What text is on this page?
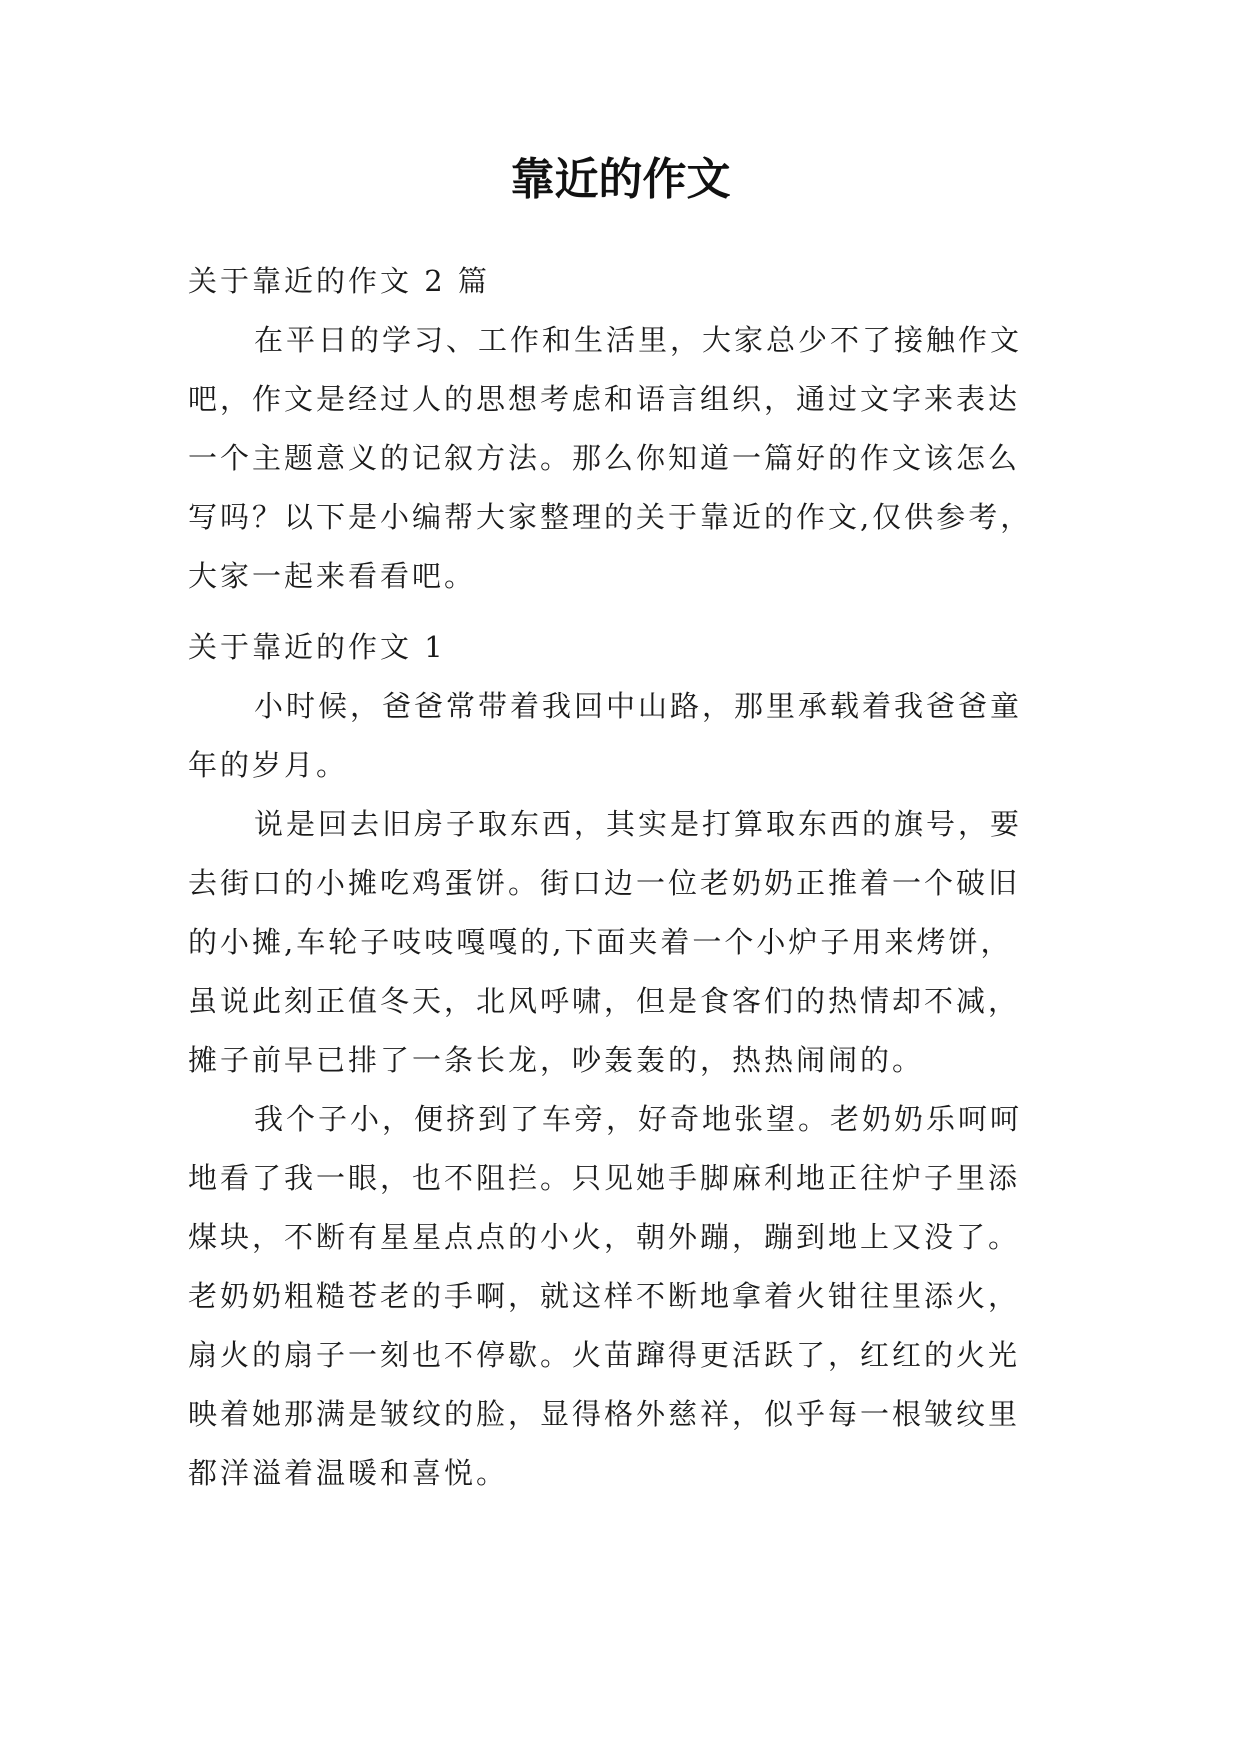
靠近的作文
关于靠近的作文 2 篇
在平日的学习、工作和生活里，大家总少不了接触作文
吧，作文是经过人的思想考虑和语言组织，通过文字来表达
一个主题意义的记叙方法。那么你知道一篇好的作文该怎么
写吗？以下是小编帮大家整理的关于靠近的作文,仅供参考，
大家一起来看看吧。
关于靠近的作文 1
小时候，爸爸常带着我回中山路，那里承载着我爸爸童
年的岁月。
说是回去旧房子取东西，其实是打算取东西的旗号，要
去街口的小摊吃鸡蛋饼。街口边一位老奶奶正推着一个破旧
的小摊,车轮子吱吱嘎嘎的,下面夹着一个小炉子用来烤饼，
虽说此刻正值冬天，北风呼啸，但是食客们的热情却不减，
摊子前早已排了一条长龙，吵轰轰的，热热闹闹的。
我个子小，便挤到了车旁，好奇地张望。老奶奶乐呵呵
地看了我一眼，也不阻拦。只见她手脚麻利地正往炉子里添
煤块，不断有星星点点的小火，朝外蹦，蹦到地上又没了。
老奶奶粗糙苍老的手啊，就这样不断地拿着火钳往里添火，
扇火的扇子一刻也不停歇。火苗蹿得更活跃了，红红的火光
映着她那满是皱纹的脸，显得格外慈祥，似乎每一根皱纹里
都洋溢着温暖和喜悦。
